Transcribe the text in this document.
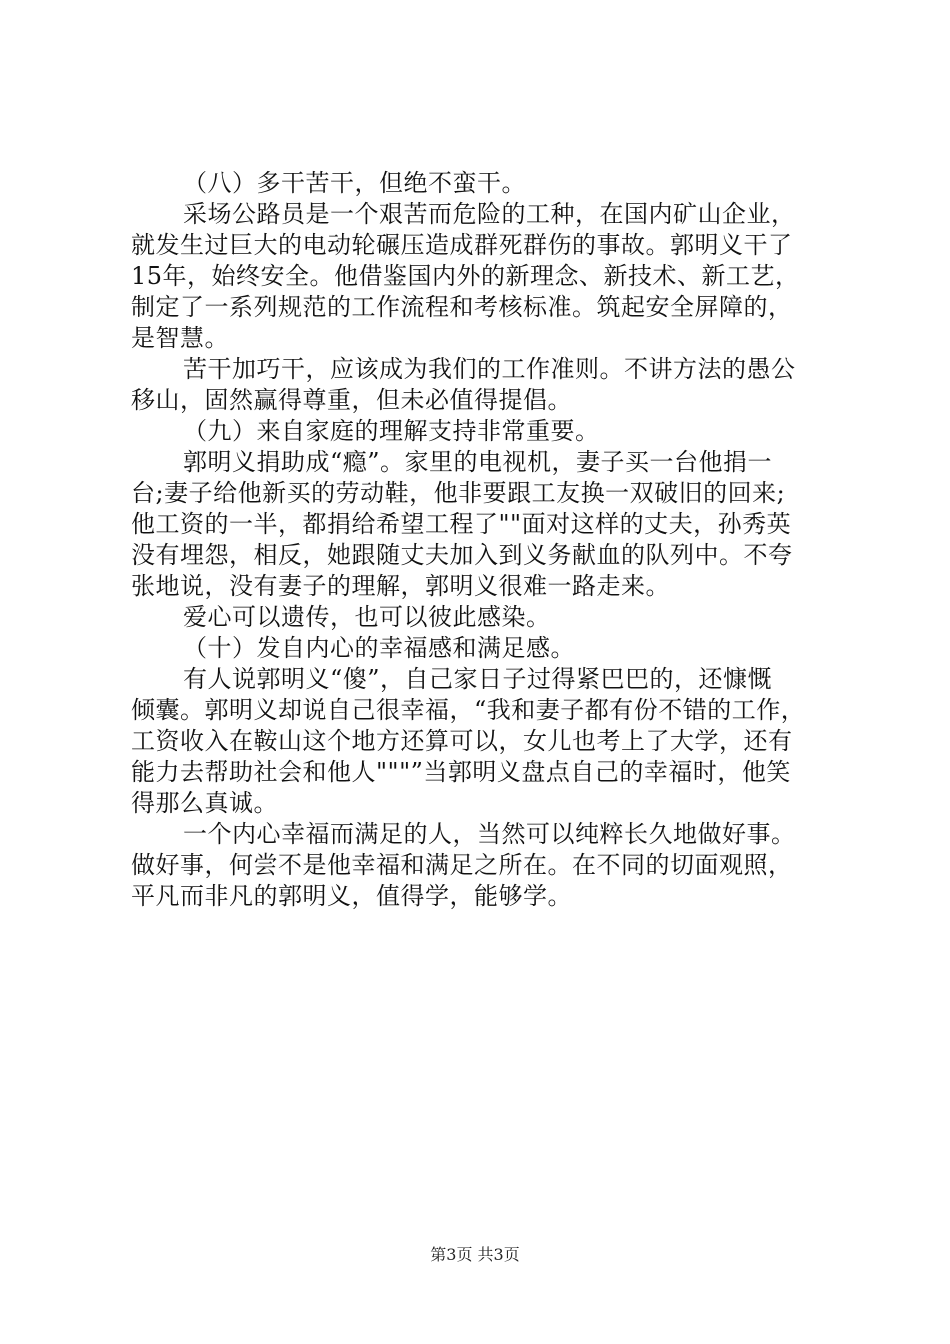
（八）多干苦干，但绝不蛮干。
采场公路员是一个艰苦而危险的工种，在国内矿山企业，
就发生过巨大的电动轮碾压造成群死群伤的事故。郭明义干了
15年，始终安全。他借鉴国内外的新理念、新技术、新工艺，
制定了一系列规范的工作流程和考核标准。筑起安全屏障的，
是智慧。
苦干加巧干，应该成为我们的工作准则。不讲方法的愚公
移山，固然赢得尊重，但未必值得提倡。
（九）来自家庭的理解支持非常重要。
郭明义捐助成“瘾”。家里的电视机，妻子买一台他捐一
台;妻子给他新买的劳动鞋，他非要跟工友换一双破旧的回来;
他工资的一半，都捐给希望工程了""面对这样的丈夫，孙秀英
没有埋怨，相反，她跟随丈夫加入到义务献血的队列中。不夸
张地说，没有妻子的理解，郭明义很难一路走来。
爱心可以遗传，也可以彼此感染。
（十）发自内心的幸福感和满足感。
有人说郭明义“傻”，自己家日子过得紧巴巴的，还慷慨
倾囊。郭明义却说自己很幸福，“我和妻子都有份不错的工作，
工资收入在鞍山这个地方还算可以，女儿也考上了大学，还有
能力去帮助社会和他人"""”当郭明义盘点自己的幸福时，他笑
得那么真诚。
一个内心幸福而满足的人，当然可以纯粹长久地做好事。
做好事，何尝不是他幸福和满足之所在。在不同的切面观照，
平凡而非凡的郭明义，值得学，能够学。
第3页 共3页
